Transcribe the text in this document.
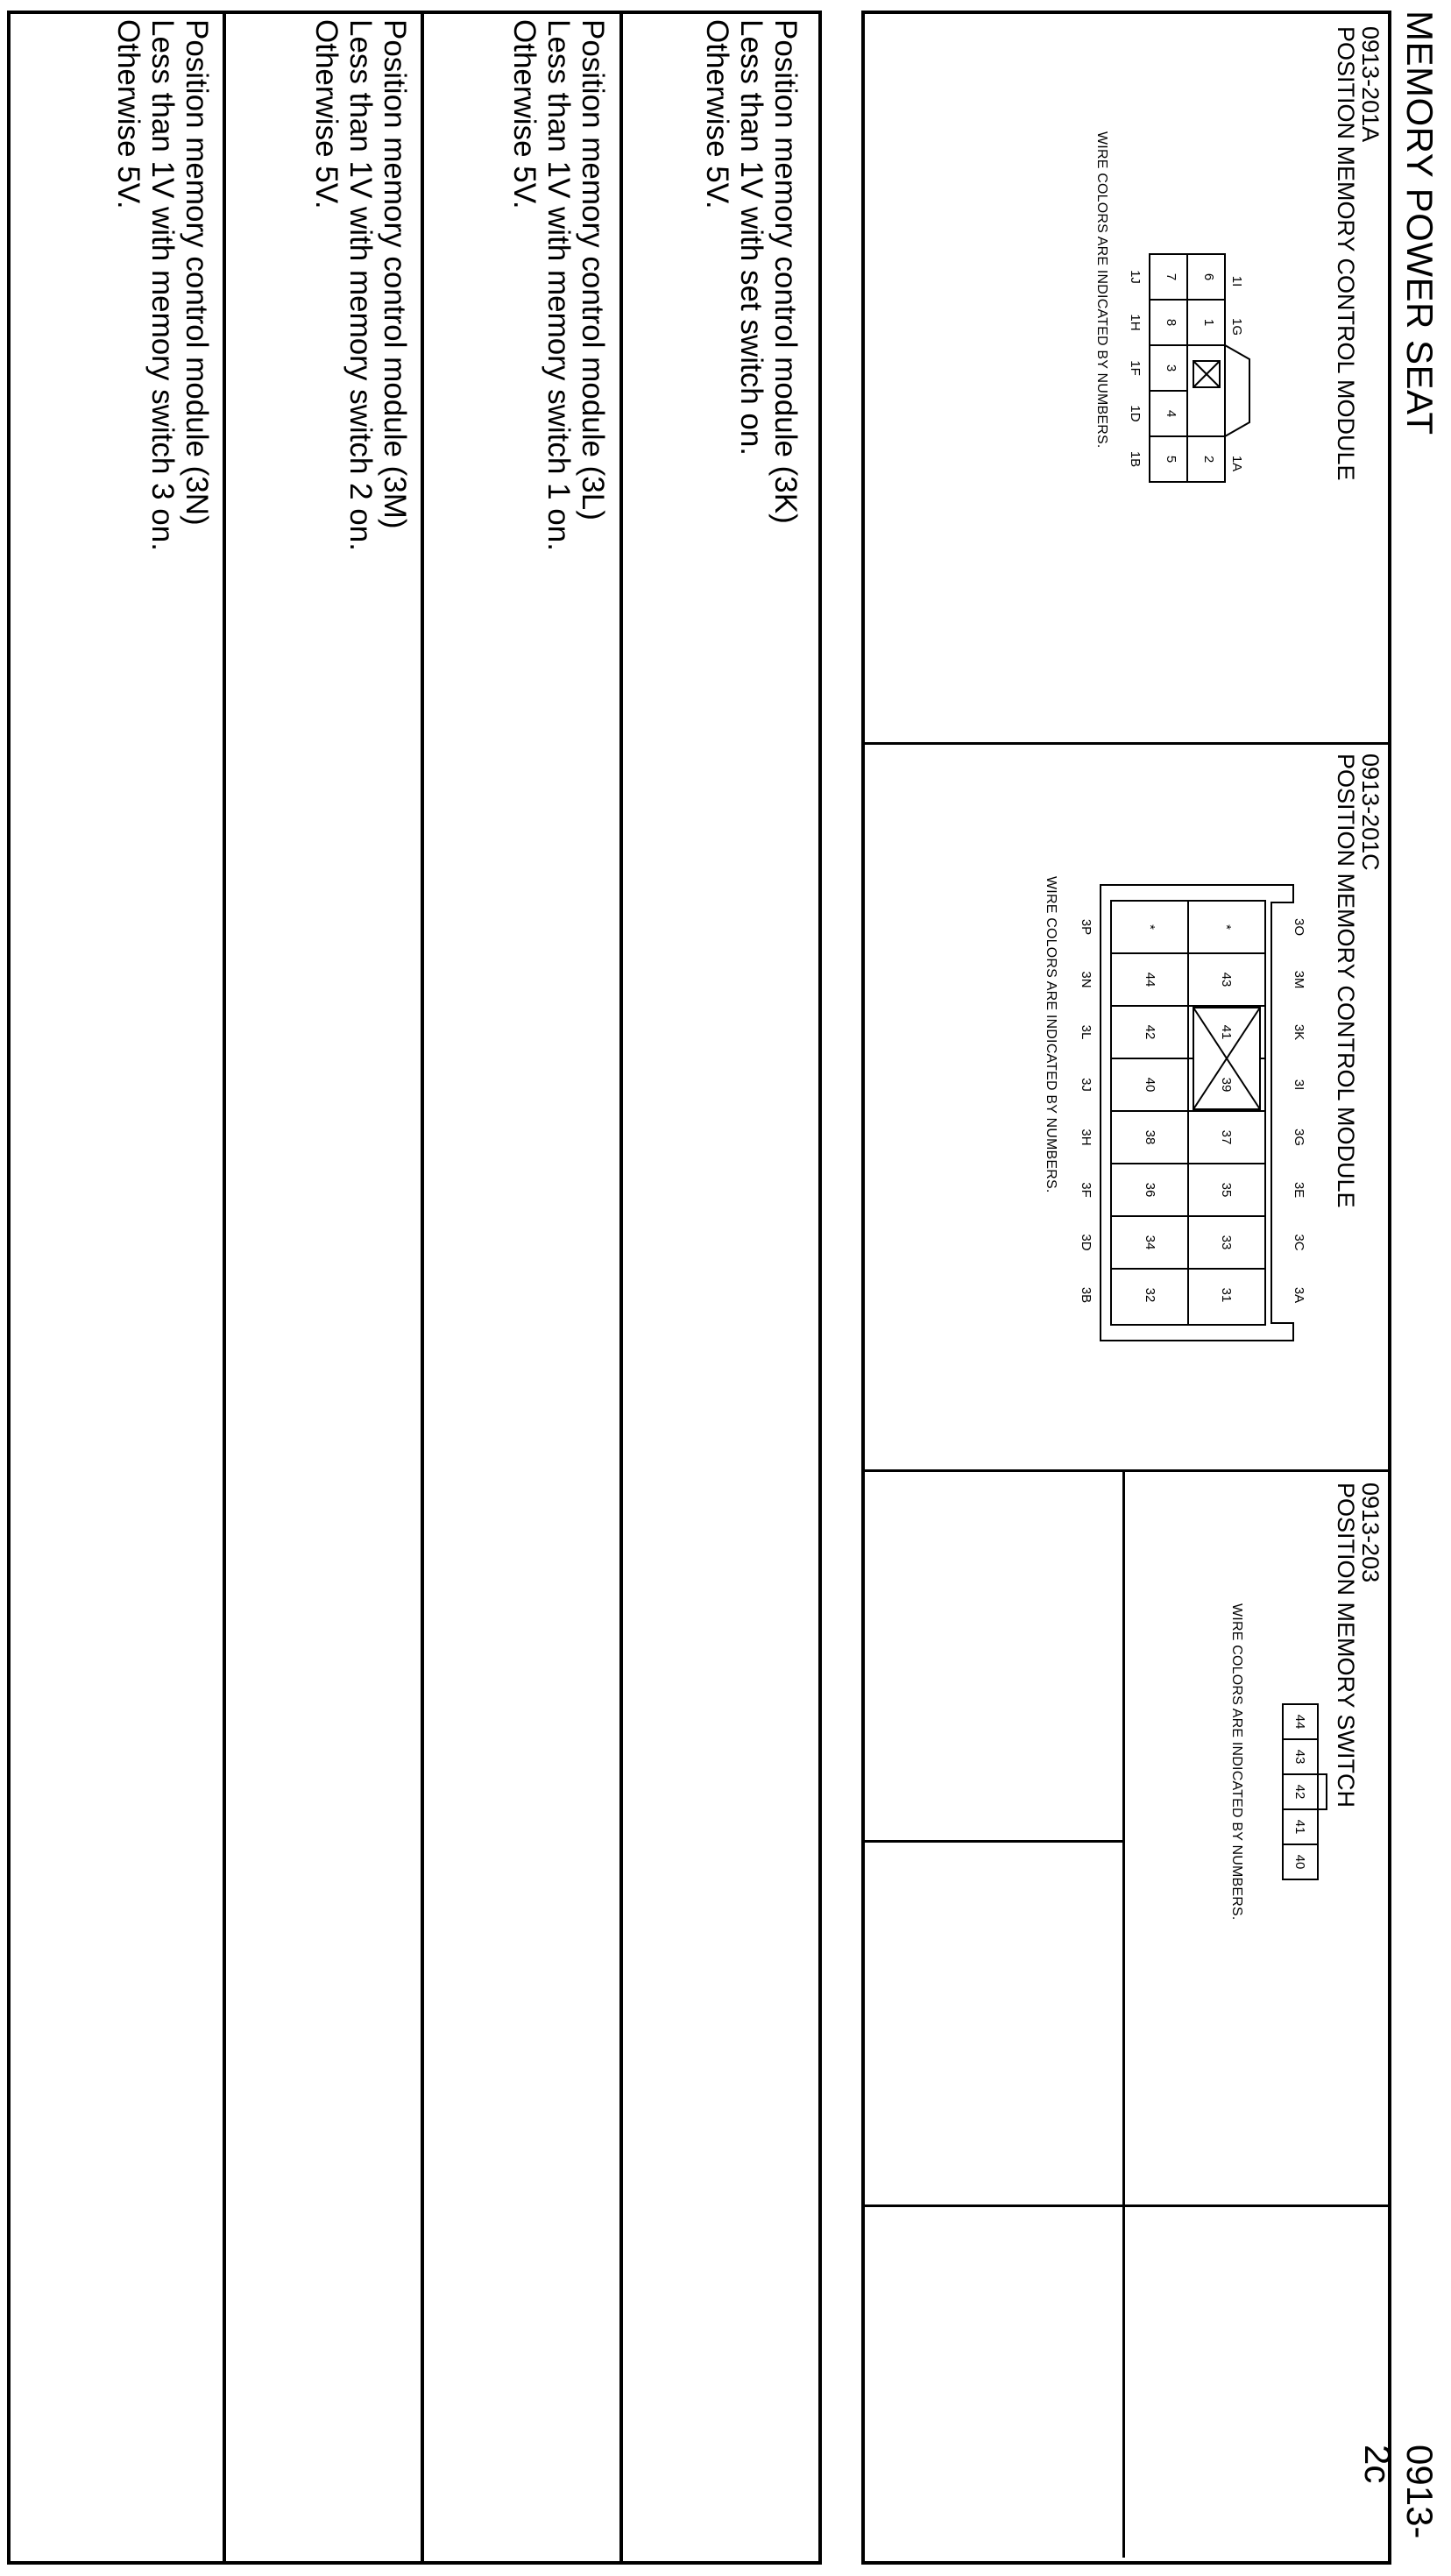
MEMORY POWER SEAT
0913-2c
0913-201A
POSITION MEMORY CONTROL MODULE
1I
1G
1A
6
1
2
7
8
3
4
5
1J
1H
1F
1D
1B
WIRE COLORS ARE INDICATED BY NUMBERS.
0913-201C
POSITION MEMORY CONTROL MODULE
3O
3M
3K
3I
3G
3E
3C
3A
*
43
41
39
37
35
33
31
*
44
42
40
38
36
34
32
3P
3N
3L
3J
3H
3F
3D
3B
WIRE COLORS ARE INDICATED BY NUMBERS.
0913-203
POSITION MEMORY SWITCH
44
43
42
41
40
WIRE COLORS ARE INDICATED BY NUMBERS.
Position memory control module (3K)
Less than 1V with set switch on.
Otherwise 5V.
Position memory control module (3L)
Less than 1V with memory switch 1 on.
Otherwise 5V.
Position memory control module (3M)
Less than 1V with memory switch 2 on.
Otherwise 5V.
Position memory control module (3N)
Less than 1V with memory switch 3 on.
Otherwise 5V.
